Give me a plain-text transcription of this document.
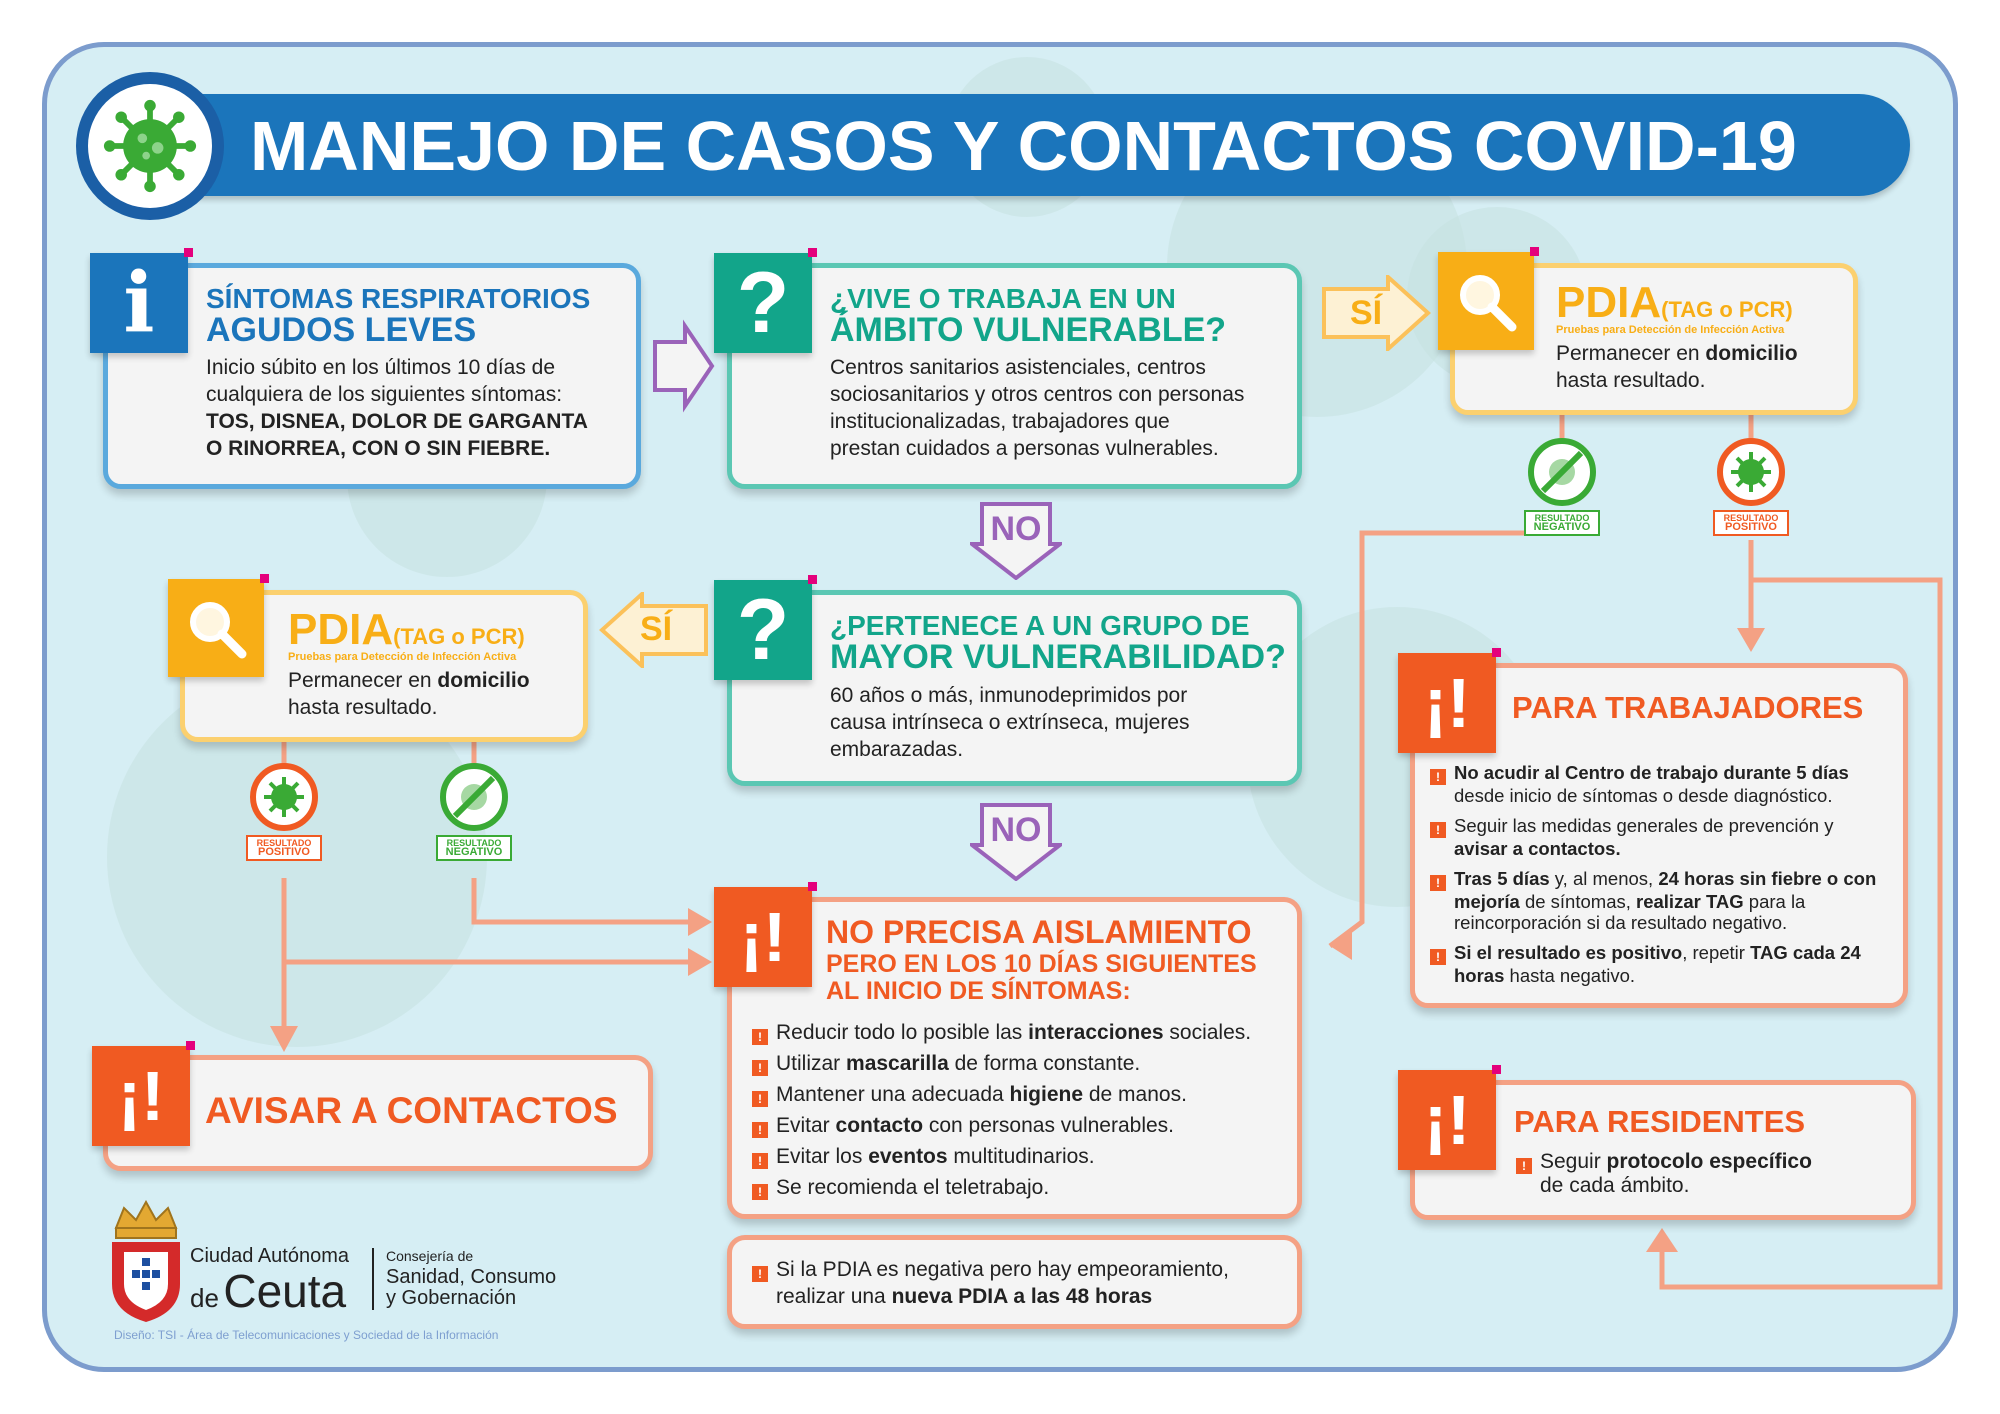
MANEJO DE CASOS Y CONTACTOS COVID-19
i SÍNTOMAS RESPIRATORIOS
AGUDOS LEVES
Inicio súbito en los últimos 10 días de
cualquiera de los siguientes síntomas:
TOS, DISNEA, DOLOR DE GARGANTA
O RINORREA, CON O SIN FIEBRE.
? ¿VIVE O TRABAJA EN UN
ÁMBITO VULNERABLE?
Centros sanitarios asistenciales, centros
sociosanitarios y otros centros con personas
institucionalizadas, trabajadores que
prestan cuidados a personas vulnerables.
SÍ	PDIA(TAG o PCR)
Pruebas para Detección de Infección Activa
Permanecer en domicilio
hasta resultado.
RESULTADO
NEGATIVO
RESULTADO
POSITIVO
NO
? ¿PERTENECE A UN GRUPO DE
MAYOR VULNERABILIDAD?
60 años o más, inmunodeprimidos por
causa intrínseca o extrínseca, mujeres
embarazadas.
SÍ
PDIA(TAG o PCR)
Pruebas para Detección de Infección Activa
Permanecer en domicilio
hasta resultado.
RESULTADO
POSITIVO
RESULTADO
NEGATIVO
NO
¡! NO PRECISA AISLAMIENTO
PERO EN LOS 10 DÍAS SIGUIENTES
AL INICIO DE SÍNTOMAS:
! Reducir todo lo posible las interacciones sociales.
! Utilizar mascarilla de forma constante.
! Mantener una adecuada higiene de manos.
! Evitar contacto con personas vulnerables.
! Evitar los eventos multitudinarios.
! Se recomienda el teletrabajo.
! Si la PDIA es negativa pero hay empeoramiento,
realizar una nueva PDIA a las 48 horas
¡! AVISAR A CONTACTOS
¡! PARA TRABAJADORES
! No acudir al Centro de trabajo durante 5 días
desde inicio de síntomas o desde diagnóstico.
! Seguir las medidas generales de prevención y
avisar a contactos.
! Tras 5 días y, al menos, 24 horas sin fiebre o con
mejoría de síntomas, realizar TAG para la
reincorporación si da resultado negativo.
! Si el resultado es positivo, repetir TAG cada 24
horas hasta negativo.
¡! PARA RESIDENTES
! Seguir protocolo específico
de cada ámbito.
Ciudad Autónoma
de Ceuta
Consejería de
Sanidad, Consumo
y Gobernación
Diseño: TSI - Área de Telecomunicaciones y Sociedad de la Información
